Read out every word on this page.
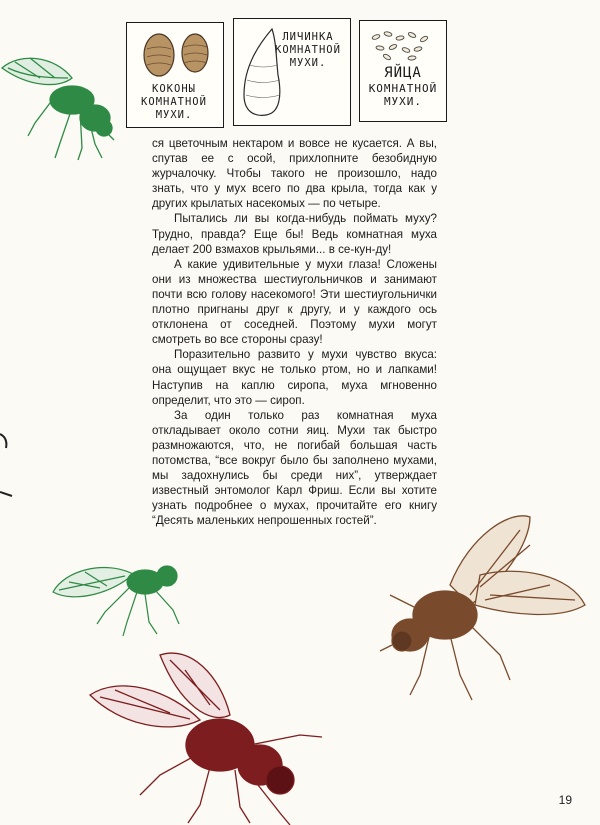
КОКОНЫ
КОМНАТНОЙ
МУХИ.
ЛИЧИНКА
КОМНАТНОЙ
МУХИ.
ЯЙЦА
КОМНАТНОЙ
МУХИ.

ся цветочным нектаром и вовсе не кусается. А вы, спутав ее с осой, прихлопните безобидную журчалочку. Чтобы такого не произошло, надо знать, что у мух всего по два крыла, тогда как у других крылатых насекомых — по четыре.

Пытались ли вы когда-нибудь поймать муху? Трудно, правда? Еще бы! Ведь комнатная муха делает 200 взмахов крыльями... в се-кун-ду!

А какие удивительные у мухи глаза! Сложены они из множества шестиугольничков и занимают почти всю голову насекомого! Эти шестиугольнички плотно пригнаны друг к другу, и у каждого ось отклонена от соседней. Поэтому мухи могут смотреть во все стороны сразу!

Поразительно развито у мухи чувство вкуса: она ощущает вкус не только ртом, но и лапками! Наступив на каплю сиропа, муха мгновенно определит, что это — сироп.

За один только раз комнатная муха откладывает около сотни яиц. Мухи так быстро размножаются, что, не погибай большая часть потомства, “все вокруг было бы заполнено мухами, мы задохнулись бы среди них”, утверждает известный энтомолог Карл Фриш. Если вы хотите узнать подробнее о мухах, прочитайте его книгу “Десять маленьких непрошенных гостей”.

19
